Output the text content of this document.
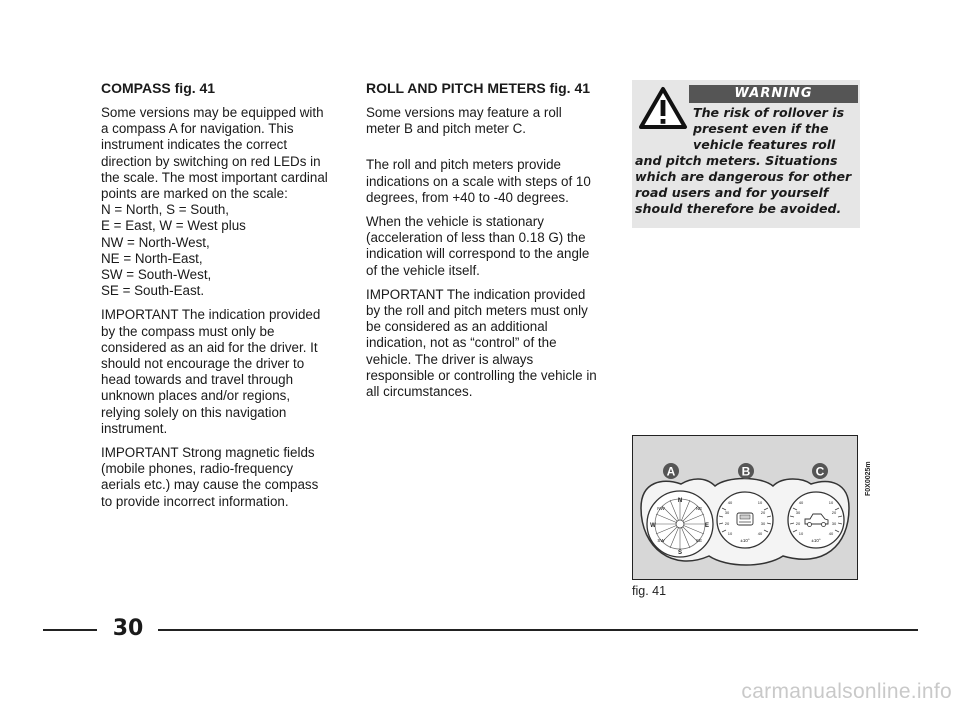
COMPASS fig. 41

Some versions may be equipped with a compass A for navigation. This instrument indicates the correct direction by switching on red LEDs in the scale. The most important cardinal points are marked on the scale:
N = North, S = South,
E = East, W = West plus
NW = North-West,
NE = North-East,
SW = South-West,
SE = South-East.

IMPORTANT The indication provided by the compass must only be considered as an aid for the driver. It should not encourage the driver to head towards and travel through unknown places and/or regions, relying solely on this navigation instrument.

IMPORTANT Strong magnetic fields (mobile phones, radio-frequency aerials etc.) may cause the compass to provide incorrect information.

ROLL AND PITCH METERS fig. 41

Some versions may feature a roll meter B and pitch meter C.

The roll and pitch meters provide indications on a scale with steps of 10 degrees, from +40 to -40 degrees.

When the vehicle is stationary (acceleration of less than 0.18 G) the indication will correspond to the angle of the vehicle itself.

IMPORTANT The indication provided by the roll and pitch meters must only be considered as an additional indication, not as “control” of the vehicle. The driver is always responsible or controlling the vehicle in all circumstances.

WARNING
The risk of rollover is present even if the vehicle features roll and pitch meters. Situations which are dangerous for other road users and for yourself should therefore be avoided.
N
S
W	E
NW	NE
SW	SE
40
30
20
10
10
20
30
40
±10°
40
30
20
10
10
20
30
40
±10°
A	B	C	F0X0025m
fig. 41
30
carmanualsonline.info
